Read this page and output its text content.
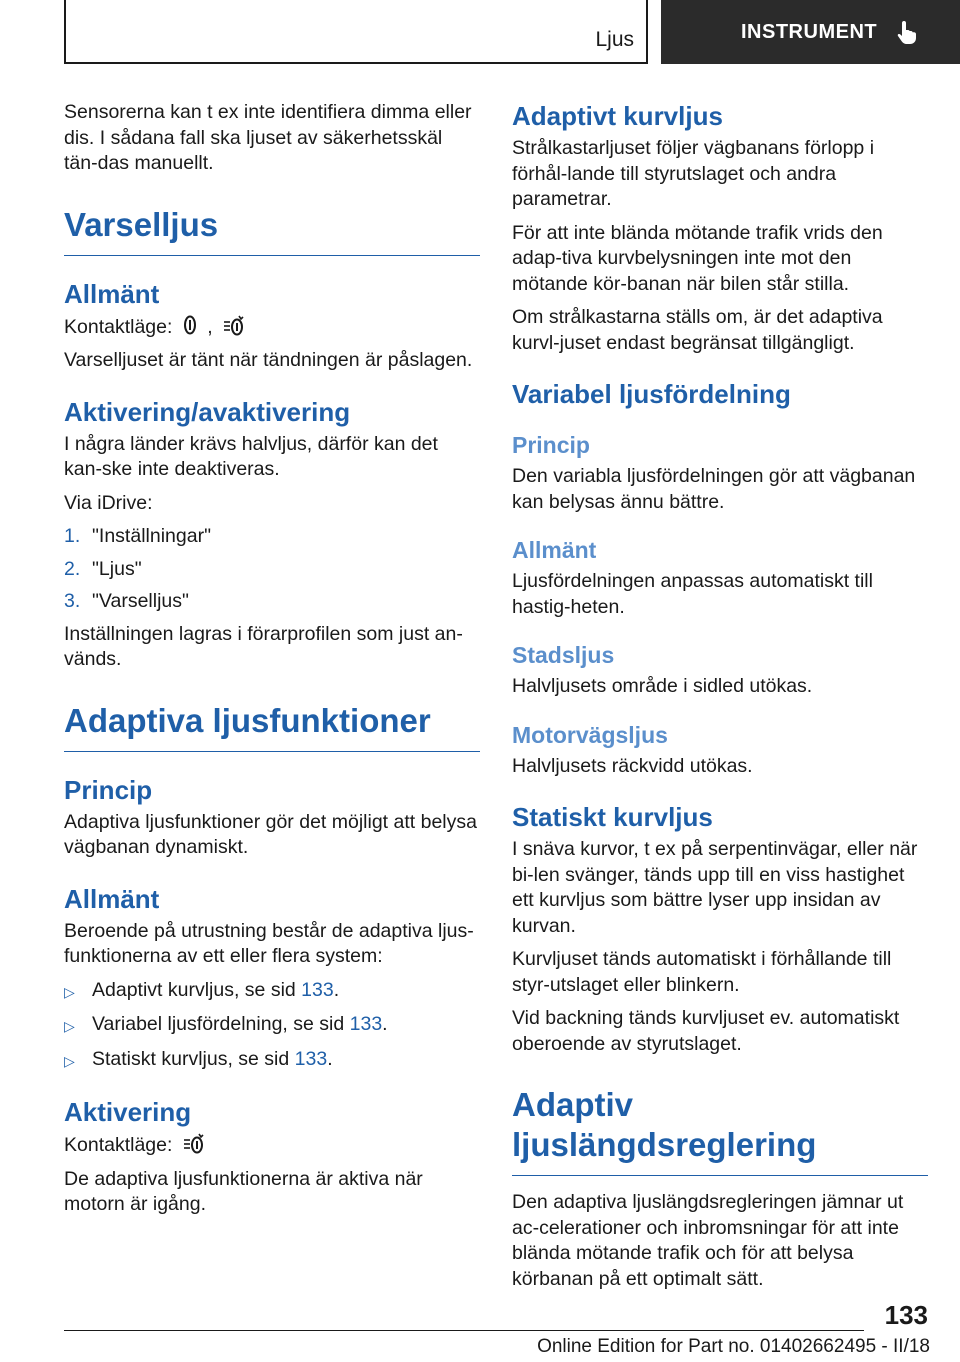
Ljus	INSTRUMENT

Sensorerna kan t ex inte identifiera dimma eller dis. I sådana fall ska ljuset av säkerhetsskäl tän-das manuellt.

Varselljus
Allmänt

Kontaktläge: ,

Varselljuset är tänt när tändningen är påslagen.

Aktivering/avaktivering

I några länder krävs halvljus, därför kan det kan-ske inte deaktiveras.

Via iDrive:

1. "Inställningar"
2. "Ljus"
3. "Varselljus"

Inställningen lagras i förarprofilen som just an-vänds.

Adaptiva ljusfunktioner
Princip

Adaptiva ljusfunktioner gör det möjligt att belysa vägbanan dynamiskt.

Allmänt

Beroende på utrustning består de adaptiva ljus-funktionerna av ett eller flera system:

▷ Adaptivt kurvljus, se sid 133.
▷ Variabel ljusfördelning, se sid 133.
▷ Statiskt kurvljus, se sid 133.
Aktivering

Kontaktläge:

De adaptiva ljusfunktionerna är aktiva när motorn är igång.

Adaptivt kurvljus

Strålkastarljuset följer vägbanans förlopp i förhål-lande till styrutslaget och andra parametrar.

För att inte blända mötande trafik vrids den adap-tiva kurvbelysningen inte mot den mötande kör-banan när bilen står stilla.

Om strålkastarna ställs om, är det adaptiva kurvl-juset endast begränsat tillgängligt.

Variabel ljusfördelning
Princip

Den variabla ljusfördelningen gör att vägbanan kan belysas ännu bättre.

Allmänt

Ljusfördelningen anpassas automatiskt till hastig-heten.

Stadsljus

Halvljusets område i sidled utökas.

Motorvägsljus

Halvljusets räckvidd utökas.

Statiskt kurvljus

I snäva kurvor, t ex på serpentinvägar, eller när bi-len svänger, tänds upp till en viss hastighet ett kurvljus som bättre lyser upp insidan av kurvan.

Kurvljuset tänds automatiskt i förhållande till styr-utslaget eller blinkern.

Vid backning tänds kurvljuset ev. automatiskt oberoende av styrutslaget.

Adaptiv ljuslängdsreglering

Den adaptiva ljuslängdsregleringen jämnar ut ac-celerationer och inbromsningar för att inte blända mötande trafik och för att belysa körbanan på ett optimalt sätt.

133
Online Edition for Part no. 01402662495 - II/18
